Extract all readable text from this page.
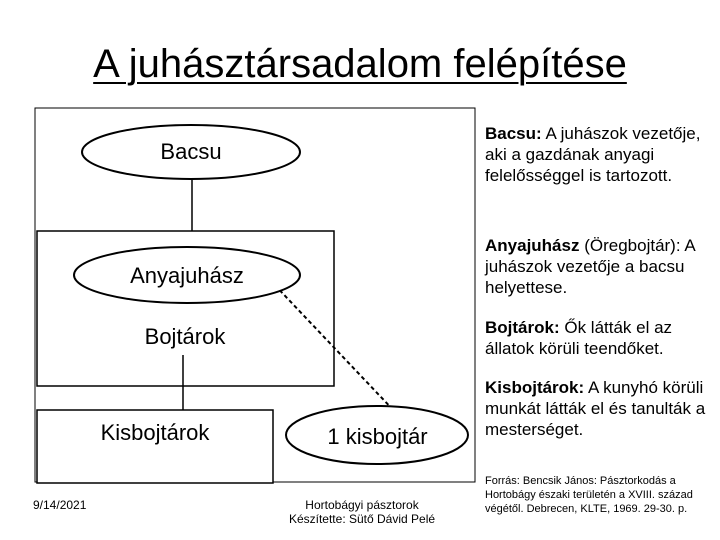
A juhásztársadalom felépítése
Bacsu
Anyajuhász
Bojtárok
Kisbojtárok	1 kisbojtár
Bacsu: A juhászok vezetője, aki a gazdának anyagi felelősséggel is tartozott.
Anyajuhász (Öregbojtár): A juhászok vezetője a bacsu helyettese.
Bojtárok: Ők látták el az állatok körüli teendőket.
Kisbojtárok: A kunyhó körüli munkát látták el és tanulták a mesterséget.
9/14/2021	Hortobágyi pásztorok
Készítette: Sütő Dávid Pelé
Forrás: Bencsik János: Pásztorkodás a Hortobágy északi területén a XVIII. század végétől. Debrecen, KLTE, 1969. 29-30. p.
